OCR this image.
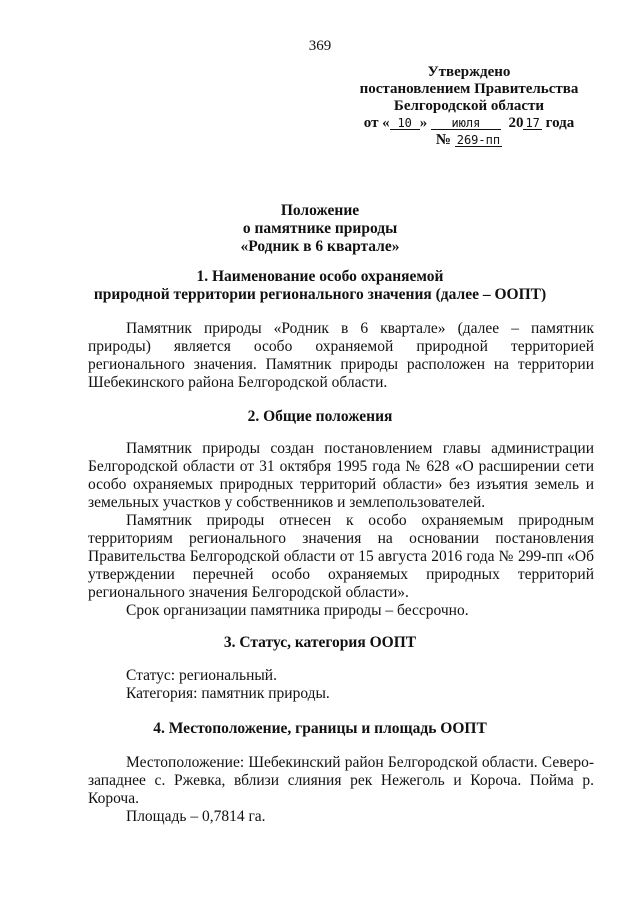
369
Утверждено
постановлением Правительства
Белгородской области
от « 10 » июля 20 17 года
№ 269-пп
Положение
о памятнике природы
«Родник в 6 квартале»
1. Наименование особо охраняемой
природной территории регионального значения (далее – ООПТ)

Памятник природы «Родник в 6 квартале» (далее – памятник природы) является особо охраняемой природной территорией регионального значения. Памятник природы расположен на территории Шебекинского района Белгородской области.

2. Общие положения

Памятник природы создан постановлением главы администрации Белгородской области от 31 октября 1995 года № 628 «О расширении сети особо охраняемых природных территорий области» без изъятия земель и земельных участков у собственников и землепользователей.

Памятник природы отнесен к особо охраняемым природным территориям регионального значения на основании постановления Правительства Белгородской области от 15 августа 2016 года № 299-пп «Об утверждении перечней особо охраняемых природных территорий регионального значения Белгородской области».

Срок организации памятника природы – бессрочно.

3. Статус, категория ООПТ

Статус: региональный.

Категория: памятник природы.

4. Местоположение, границы и площадь ООПТ

Местоположение: Шебекинский район Белгородской области. Северо-западнее с. Ржевка, вблизи слияния рек Нежеголь и Короча. Пойма р. Короча.

Площадь – 0,7814 га.
